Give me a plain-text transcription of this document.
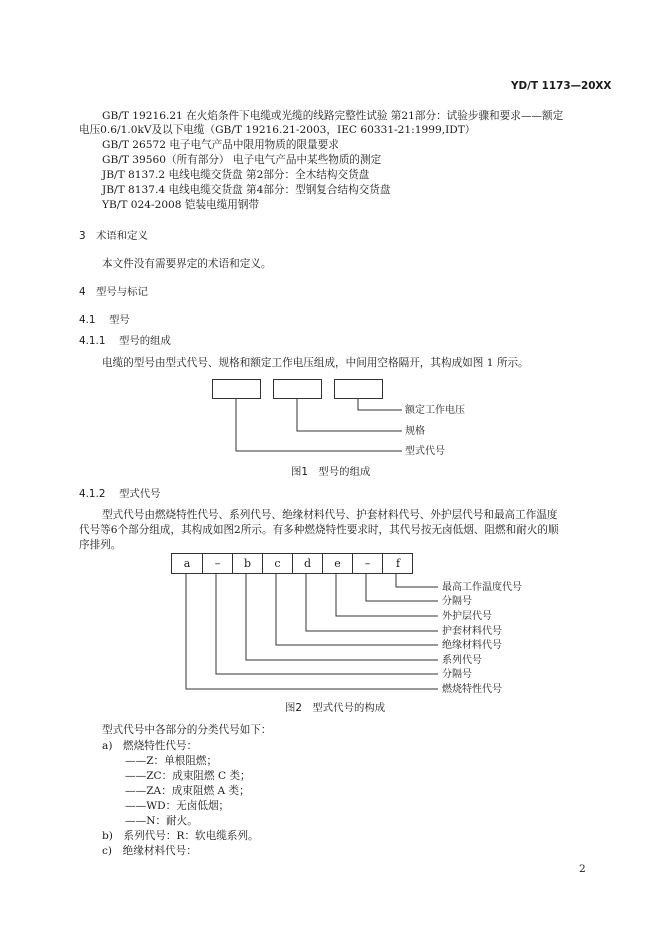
YD/T 1173—20XX
GB/T 19216.21 在火焰条件下电缆或光缆的线路完整性试验 第21部分：试验步骤和要求——额定
电压0.6/1.0kV及以下电缆（GB/T 19216.21-2003，IEC 60331-21:1999,IDT）
GB/T 26572 电子电气产品中限用物质的限量要求
GB/T 39560（所有部分） 电子电气产品中某些物质的测定
JB/T 8137.2 电线电缆交货盘 第2部分：全木结构交货盘
JB/T 8137.4 电线电缆交货盘 第4部分：型钢复合结构交货盘
YB/T 024-2008 铠装电缆用钢带
3 术语和定义
本文件没有需要界定的术语和定义。
4 型号与标记
4.1 型号
4.1.1 型号的组成
电缆的型号由型式代号、规格和额定工作电压组成，中间用空格隔开，其构成如图 1 所示。
额定工作电压
规格
型式代号
图1　型号的组成
4.1.2 型式代号
型式代号由燃烧特性代号、系列代号、绝缘材料代号、护套材料代号、外护层代号和最高工作温度
代号等6个部分组成，其构成如图2所示。有多种燃烧特性要求时，其代号按无卤低烟、阻燃和耐火的顺
序排列。
a	–	b	c	d	e	–	f
最高工作温度代号
分隔号
外护层代号
护套材料代号
绝缘材料代号
系列代号
分隔号
燃烧特性代号
图2　型式代号的构成
型式代号中各部分的分类代号如下：
a)　燃烧特性代号：
——Z：单根阻燃；
——ZC：成束阻燃 C 类；
——ZA：成束阻燃 A 类；
——WD：无卤低烟；
——N：耐火。
b)　系列代号：R：软电缆系列。
c)　绝缘材料代号：
2
